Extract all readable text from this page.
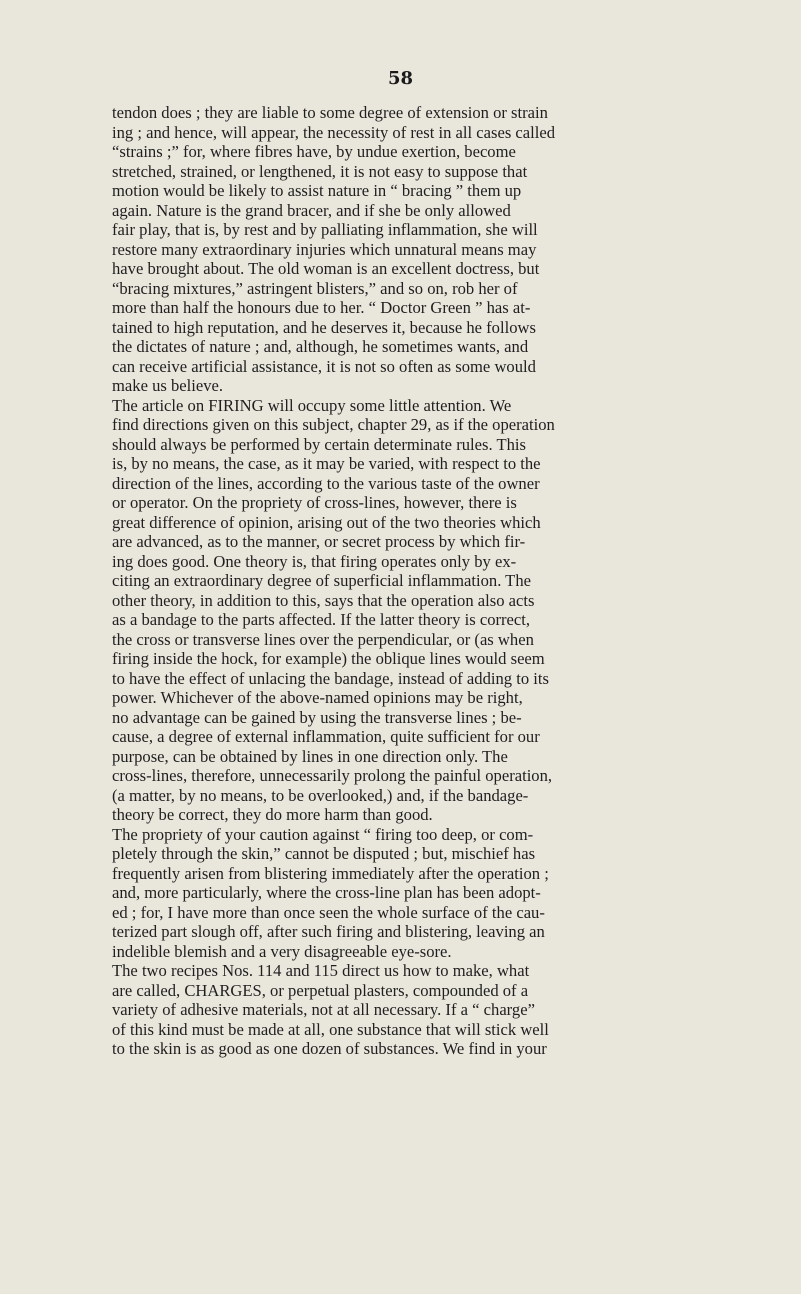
58
tendon does ; they are liable to some degree of extension or strain
ing ; and hence, will appear, the necessity of rest in all cases called
“strains ;” for, where fibres have, by undue exertion, become
stretched, strained, or lengthened, it is not easy to suppose that
motion would be likely to assist nature in “ bracing ” them up
again. Nature is the grand bracer, and if she be only allowed
fair play, that is, by rest and by palliating inflammation, she will
restore many extraordinary injuries which unnatural means may
have brought about. The old woman is an excellent doctress, but
“bracing mixtures,” astringent blisters,” and so on, rob her of
more than half the honours due to her. “ Doctor Green ” has at-
tained to high reputation, and he deserves it, because he follows
the dictates of nature ; and, although, he sometimes wants, and
can receive artificial assistance, it is not so often as some would
make us believe.
The article on FIRING will occupy some little attention. We
find directions given on this subject, chapter 29, as if the operation
should always be performed by certain determinate rules. This
is, by no means, the case, as it may be varied, with respect to the
direction of the lines, according to the various taste of the owner
or operator. On the propriety of cross-lines, however, there is
great difference of opinion, arising out of the two theories which
are advanced, as to the manner, or secret process by which fir-
ing does good. One theory is, that firing operates only by ex-
citing an extraordinary degree of superficial inflammation. The
other theory, in addition to this, says that the operation also acts
as a bandage to the parts affected. If the latter theory is correct,
the cross or transverse lines over the perpendicular, or (as when
firing inside the hock, for example) the oblique lines would seem
to have the effect of unlacing the bandage, instead of adding to its
power. Whichever of the above-named opinions may be right,
no advantage can be gained by using the transverse lines ; be-
cause, a degree of external inflammation, quite sufficient for our
purpose, can be obtained by lines in one direction only. The
cross-lines, therefore, unnecessarily prolong the painful operation,
(a matter, by no means, to be overlooked,) and, if the bandage-
theory be correct, they do more harm than good.
The propriety of your caution against “ firing too deep, or com-
pletely through the skin,” cannot be disputed ; but, mischief has
frequently arisen from blistering immediately after the operation ;
and, more particularly, where the cross-line plan has been adopt-
ed ; for, I have more than once seen the whole surface of the cau-
terized part slough off, after such firing and blistering, leaving an
indelible blemish and a very disagreeable eye-sore.
The two recipes Nos. 114 and 115 direct us how to make, what
are called, CHARGES, or perpetual plasters, compounded of a
variety of adhesive materials, not at all necessary. If a “ charge”
of this kind must be made at all, one substance that will stick well
to the skin is as good as one dozen of substances. We find in your
